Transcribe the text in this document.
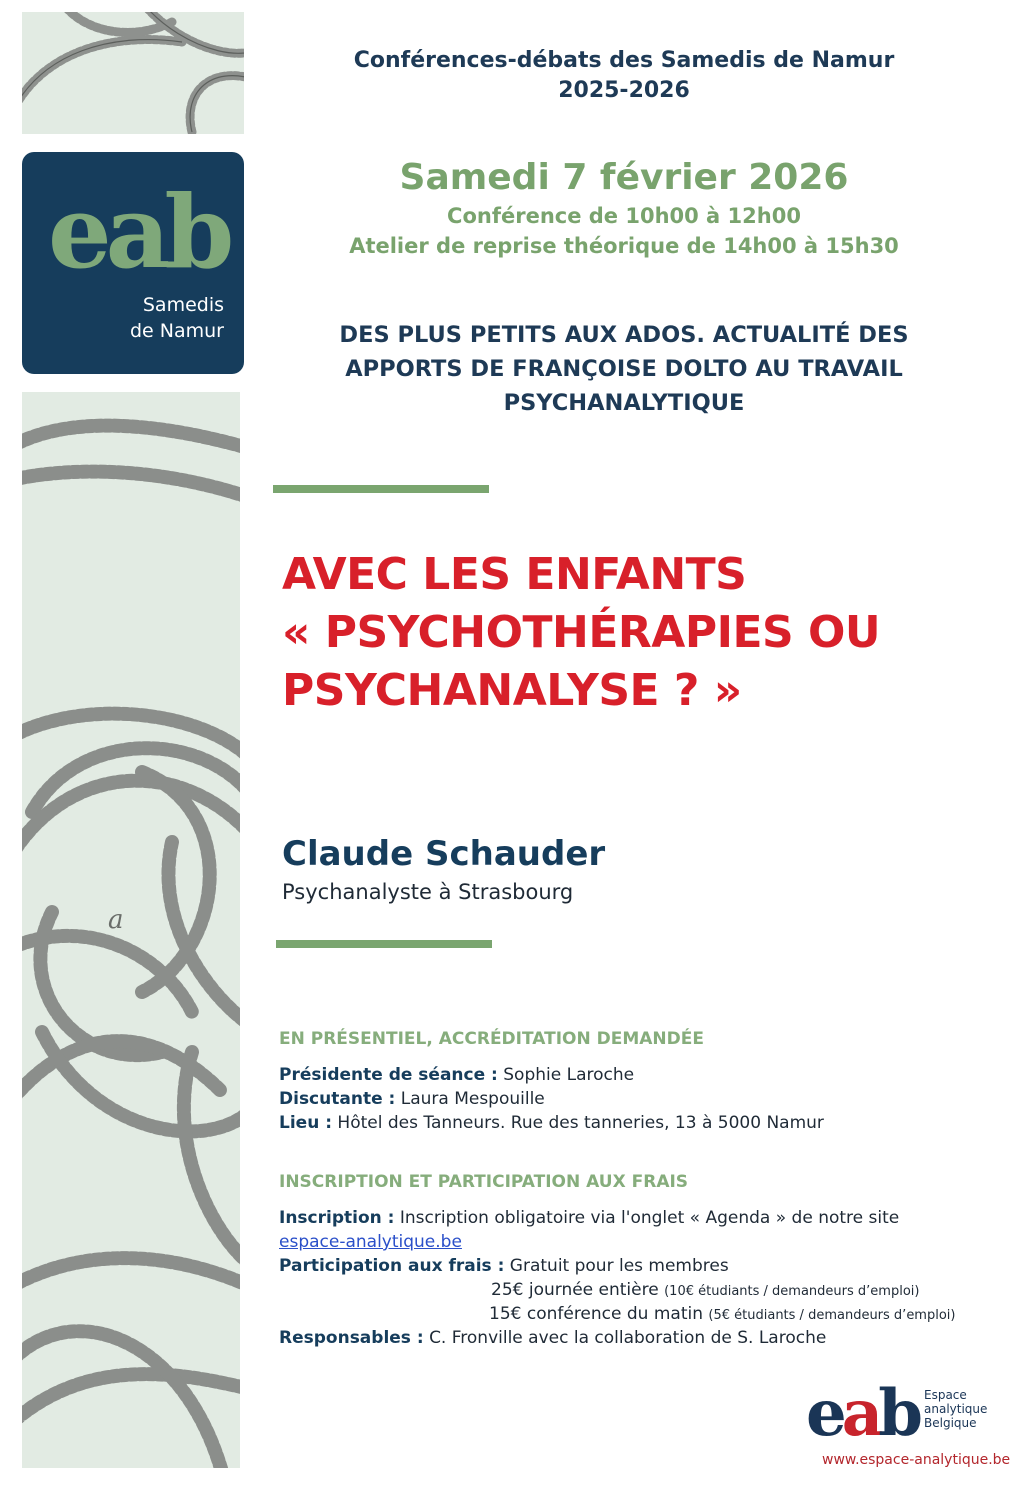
eab
Samedis
de Namur
a
Conférences-débats des Samedis de Namur
2025-2026
Samedi 7 février 2026
Conférence de 10h00 à 12h00
Atelier de reprise théorique de 14h00 à 15h30
DES PLUS PETITS AUX ADOS. ACTUALITÉ DES
APPORTS DE FRANÇOISE DOLTO AU TRAVAIL
PSYCHANALYTIQUE
AVEC LES ENFANTS
« PSYCHOTHÉRAPIES OU
PSYCHANALYSE ? »
Claude Schauder
Psychanalyste à Strasbourg
EN PRÉSENTIEL, ACCRÉDITATION DEMANDÉE
Présidente de séance : Sophie Laroche
Discutante : Laura Mespouille
Lieu : Hôtel des Tanneurs. Rue des tanneries, 13 à 5000 Namur
INSCRIPTION ET PARTICIPATION AUX FRAIS
Inscription : Inscription obligatoire via l'onglet « Agenda » de notre site
espace-analytique.be
Participation aux frais : Gratuit pour les membres
25€ journée entière (10€ étudiants / demandeurs d’emploi)
15€ conférence du matin (5€ étudiants / demandeurs d’emploi)
Responsables : C. Fronville avec la collaboration de S. Laroche
eab Espace
analytique
Belgique
www.espace-analytique.be
